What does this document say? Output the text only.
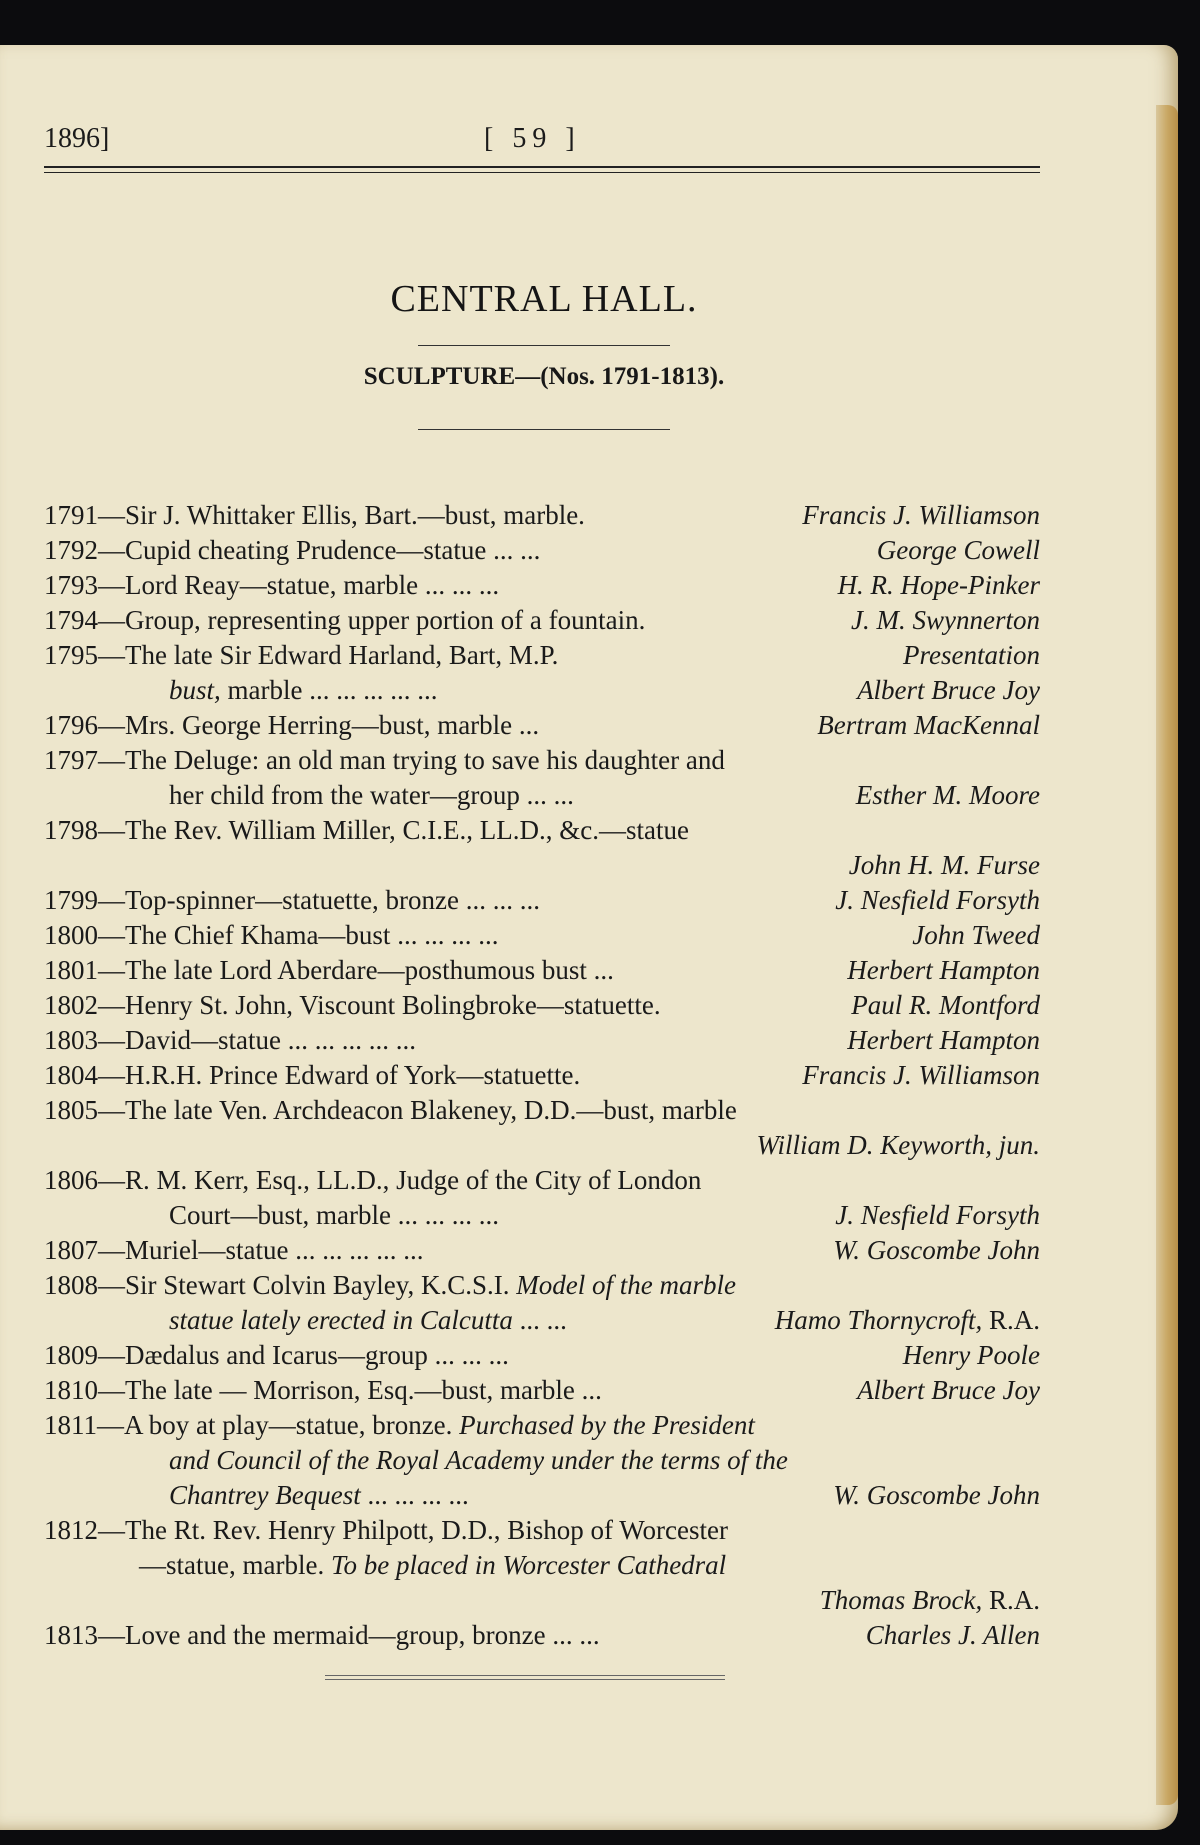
1896]	[ 59 ]
CENTRAL HALL.
SCULPTURE—(Nos. 1791-1813).
1791—Sir J. Whittaker Ellis, Bart.—bust, marble.	Francis J. Williamson
1792—Cupid cheating Prudence—statue ... ...	George Cowell
1793—Lord Reay—statue, marble ... ... ...	H. R. Hope-Pinker
1794—Group, representing upper portion of a fountain.	J. M. Swynnerton
1795—The late Sir Edward Harland, Bart, M.P.	Presentation
bust, marble ... ... ... ... ...	Albert Bruce Joy
1796—Mrs. George Herring—bust, marble ...	Bertram MacKennal
1797—The Deluge: an old man trying to save his daughter and
her child from the water—group ... ...	Esther M. Moore
1798—The Rev. William Miller, C.I.E., LL.D., &c.—statue
John H. M. Furse
1799—Top-spinner—statuette, bronze ... ... ...	J. Nesfield Forsyth
1800—The Chief Khama—bust ... ... ... ...	John Tweed
1801—The late Lord Aberdare—posthumous bust ...	Herbert Hampton
1802—Henry St. John, Viscount Bolingbroke—statuette.	Paul R. Montford
1803—David—statue ... ... ... ... ...	Herbert Hampton
1804—H.R.H. Prince Edward of York—statuette.	Francis J. Williamson
1805—The late Ven. Archdeacon Blakeney, D.D.—bust, marble
William D. Keyworth, jun.
1806—R. M. Kerr, Esq., LL.D., Judge of the City of London
Court—bust, marble ... ... ... ...	J. Nesfield Forsyth
1807—Muriel—statue ... ... ... ... ...	W. Goscombe John
1808—Sir Stewart Colvin Bayley, K.C.S.I. Model of the marble
statue lately erected in Calcutta ... ...	Hamo Thornycroft, R.A.
1809—Dædalus and Icarus—group ... ... ...	Henry Poole
1810—The late — Morrison, Esq.—bust, marble ...	Albert Bruce Joy
1811—A boy at play—statue, bronze. Purchased by the President
and Council of the Royal Academy under the terms of the
Chantrey Bequest ... ... ... ...	W. Goscombe John
1812—The Rt. Rev. Henry Philpott, D.D., Bishop of Worcester
—statue, marble. To be placed in Worcester Cathedral
Thomas Brock, R.A.
1813—Love and the mermaid—group, bronze ... ...	Charles J. Allen
